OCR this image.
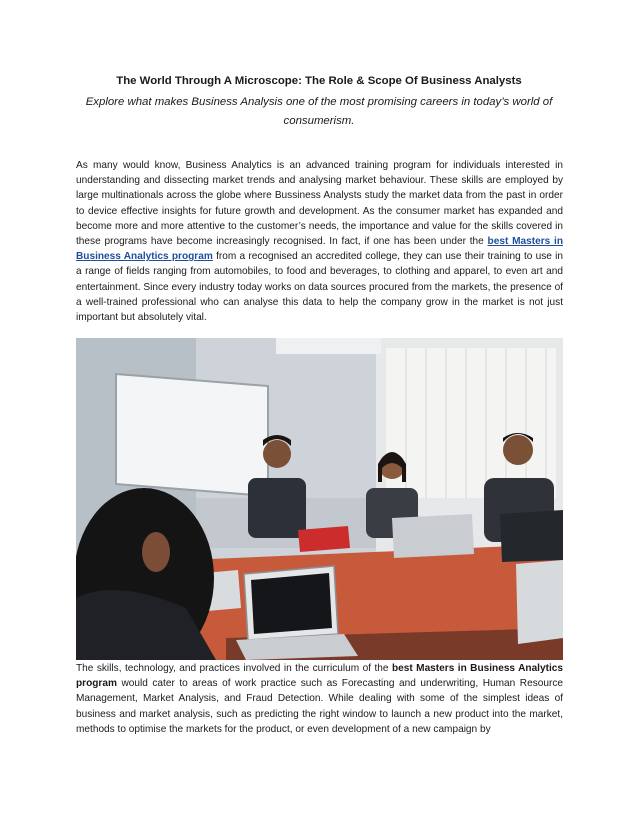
The World Through A Microscope: The Role & Scope Of Business Analysts
Explore what makes Business Analysis one of the most promising careers in today’s world of consumerism.

As many would know, Business Analytics is an advanced training program for individuals interested in understanding and dissecting market trends and analysing market behaviour. These skills are employed by large multinationals across the globe where Bussiness Analysts study the market data from the past in order to device effective insights for future growth and development. As the consumer market has expanded and become more and more attentive to the customer’s needs, the importance and value for the skills covered in these programs have become increasingly recognised. In fact, if one has been under the best Masters in Business Analytics program from a recognised an accredited college, they can use their training to use in a range of fields ranging from automobiles, to food and beverages, to clothing and apparel, to even art and entertainment. Since every industry today works on data sources procured from the markets, the presence of a well-trained professional who can analyse this data to help the company grow in the market is not just important but absolutely vital.

The skills, technology, and practices involved in the curriculum of the best Masters in Business Analytics program would cater to areas of work practice such as Forecasting and underwriting, Human Resource Management, Market Analysis, and Fraud Detection. While dealing with some of the simplest ideas of business and market analysis, such as predicting the right window to launch a new product into the market, methods to optimise the markets for the product, or even development of a new campaign by
